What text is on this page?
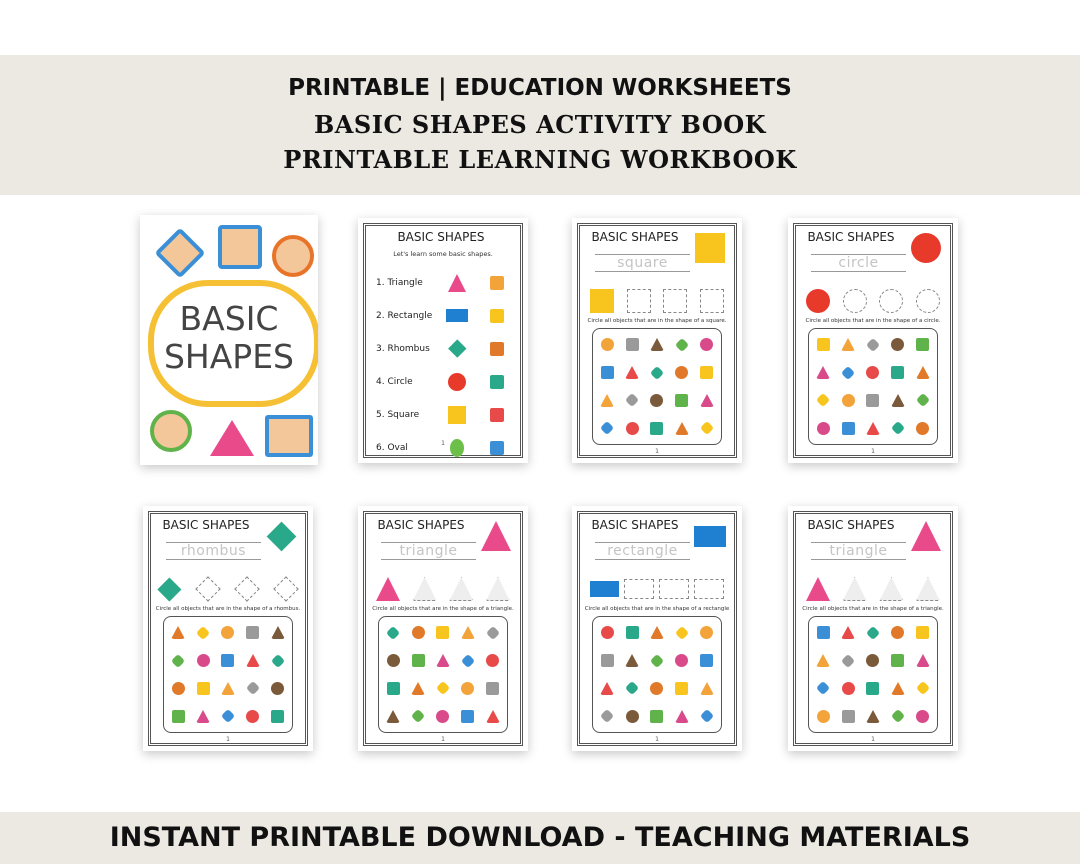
PRINTABLE | EDUCATION WORKSHEETS
BASIC SHAPES ACTIVITY BOOK
PRINTABLE LEARNING WORKBOOK
BASIC
SHAPES
BASIC SHAPES
Let's learn some basic shapes.
1. Triangle
2. Rectangle
3. Rhombus
4. Circle
5. Square
6. Oval	1
BASIC SHAPES
square
Circle all objects that are in the shape of a square.
1
BASIC SHAPES
circle
Circle all objects that are in the shape of a circle.
1
BASIC SHAPES
rhombus
Circle all objects that are in the shape of a rhombus.
1
BASIC SHAPES
triangle
Circle all objects that are in the shape of a triangle.
1
BASIC SHAPES
rectangle
Circle all objects that are in the shape of a rectangle
1
BASIC SHAPES
triangle
Circle all objects that are in the shape of a triangle.
1
INSTANT PRINTABLE DOWNLOAD - TEACHING MATERIALS
